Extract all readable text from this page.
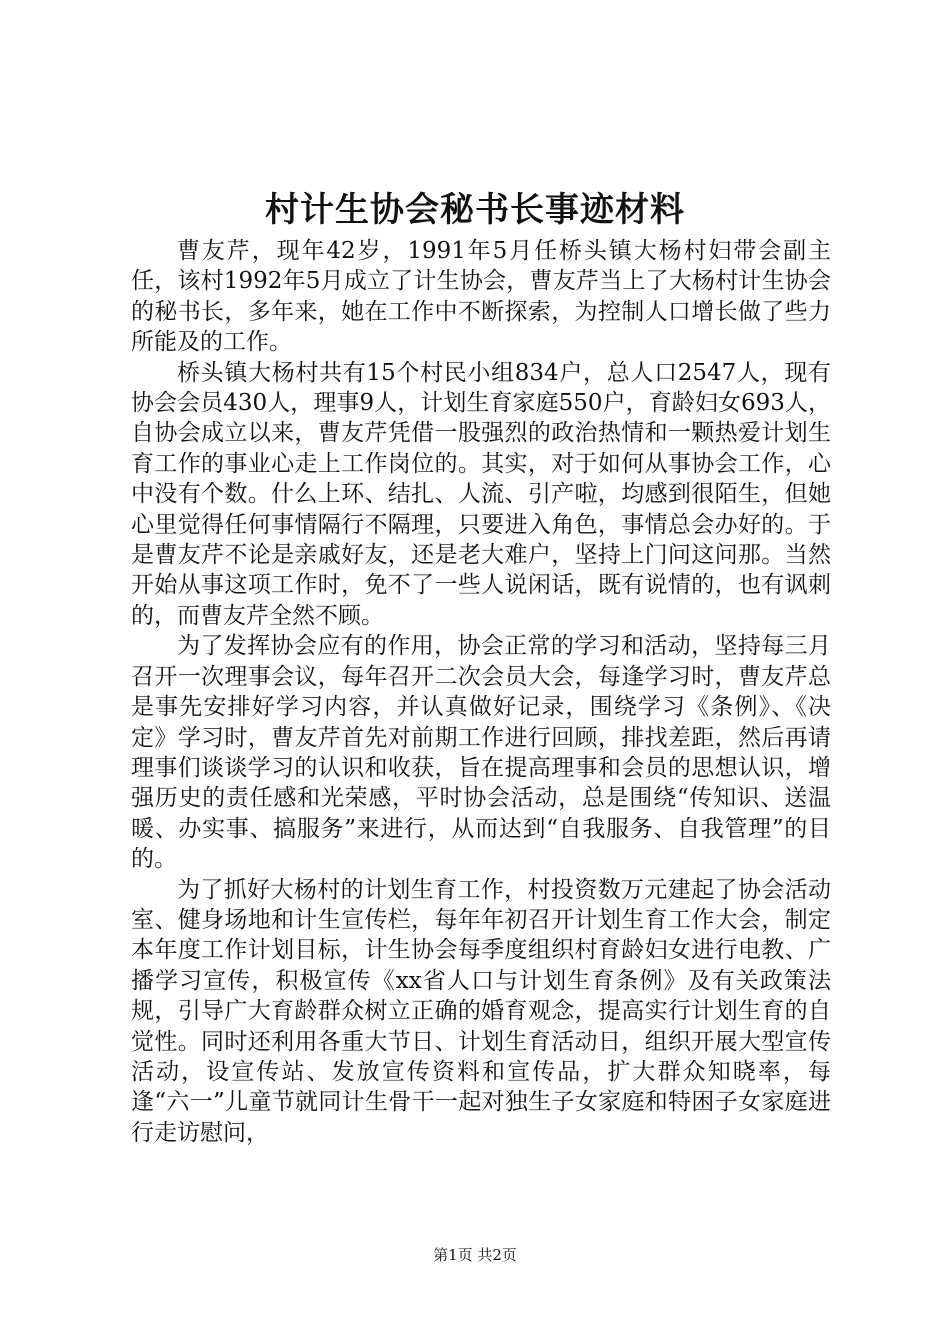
村计生协会秘书长事迹材料

曹友芹，现年42岁，1991年5月任桥头镇大杨村妇带会副主任，该村1992年5月成立了计生协会，曹友芹当上了大杨村计生协会的秘书长，多年来，她在工作中不断探索，为控制人口增长做了些力所能及的工作。

桥头镇大杨村共有15个村民小组834户，总人口2547人，现有协会会员430人，理事9人，计划生育家庭550户，育龄妇女693人，自协会成立以来，曹友芹凭借一股强烈的政治热情和一颗热爱计划生育工作的事业心走上工作岗位的。其实，对于如何从事协会工作，心中没有个数。什么上环、结扎、人流、引产啦，均感到很陌生，但她心里觉得任何事情隔行不隔理，只要进入角色，事情总会办好的。于是曹友芹不论是亲戚好友，还是老大难户，坚持上门问这问那。当然开始从事这项工作时，免不了一些人说闲话，既有说情的，也有讽刺的，而曹友芹全然不顾。

为了发挥协会应有的作用，协会正常的学习和活动，坚持每三月召开一次理事会议，每年召开二次会员大会，每逢学习时，曹友芹总是事先安排好学习内容，并认真做好记录，围绕学习《条例》、《决定》学习时，曹友芹首先对前期工作进行回顾，排找差距，然后再请理事们谈谈学习的认识和收获，旨在提高理事和会员的思想认识，增强历史的责任感和光荣感，平时协会活动，总是围绕“传知识、送温暖、办实事、搞服务”来进行，从而达到“自我服务、自我管理”的目的。

为了抓好大杨村的计划生育工作，村投资数万元建起了协会活动室、健身场地和计生宣传栏，每年年初召开计划生育工作大会，制定本年度工作计划目标，计生协会每季度组织村育龄妇女进行电教、广播学习宣传，积极宣传《xx省人口与计划生育条例》及有关政策法规，引导广大育龄群众树立正确的婚育观念，提高实行计划生育的自觉性。同时还利用各重大节日、计划生育活动日，组织开展大型宣传活动，设宣传站、发放宣传资料和宣传品，扩大群众知晓率，每逢“六一”儿童节就同计生骨干一起对独生子女家庭和特困子女家庭进行走访慰问，

第1页 共2页
